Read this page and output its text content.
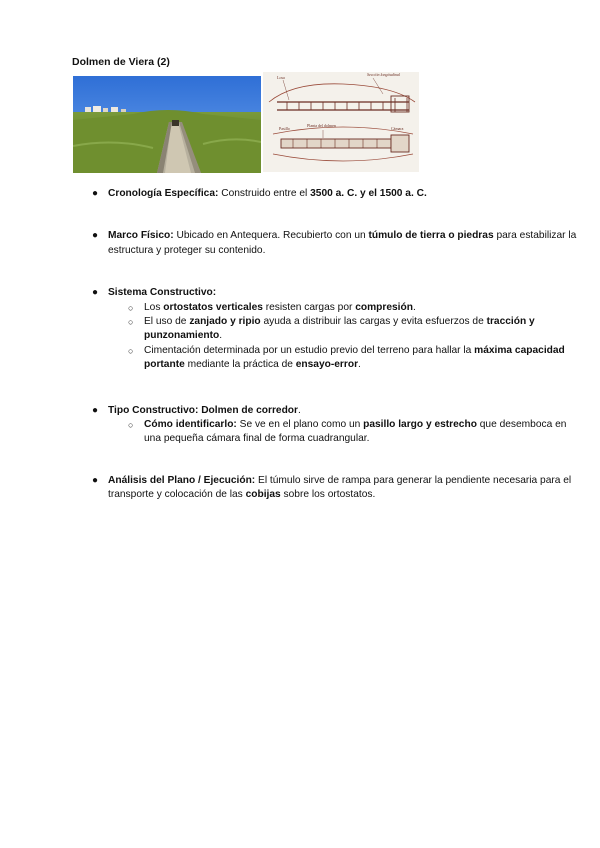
Dolmen de Viera (2)
Sección longitudinal
Losa
Planta del dolmen
Pasillo	Cámara
● Cronología Específica: Construido entre el 3500 a. C. y el 1500 a. C.
● Marco Físico: Ubicado en Antequera. Recubierto con un túmulo de tierra o piedras para estabilizar la estructura y proteger su contenido.
● Sistema Constructivo:
○ Los ortostatos verticales resisten cargas por compresión.
○ El uso de zanjado y ripio ayuda a distribuir las cargas y evita esfuerzos de tracción y punzonamiento.
○ Cimentación determinada por un estudio previo del terreno para hallar la máxima capacidad portante mediante la práctica de ensayo-error.
● Tipo Constructivo: Dolmen de corredor.
○ Cómo identificarlo: Se ve en el plano como un pasillo largo y estrecho que desemboca en una pequeña cámara final de forma cuadrangular.
● Análisis del Plano / Ejecución: El túmulo sirve de rampa para generar la pendiente necesaria para el transporte y colocación de las cobijas sobre los ortostatos.
